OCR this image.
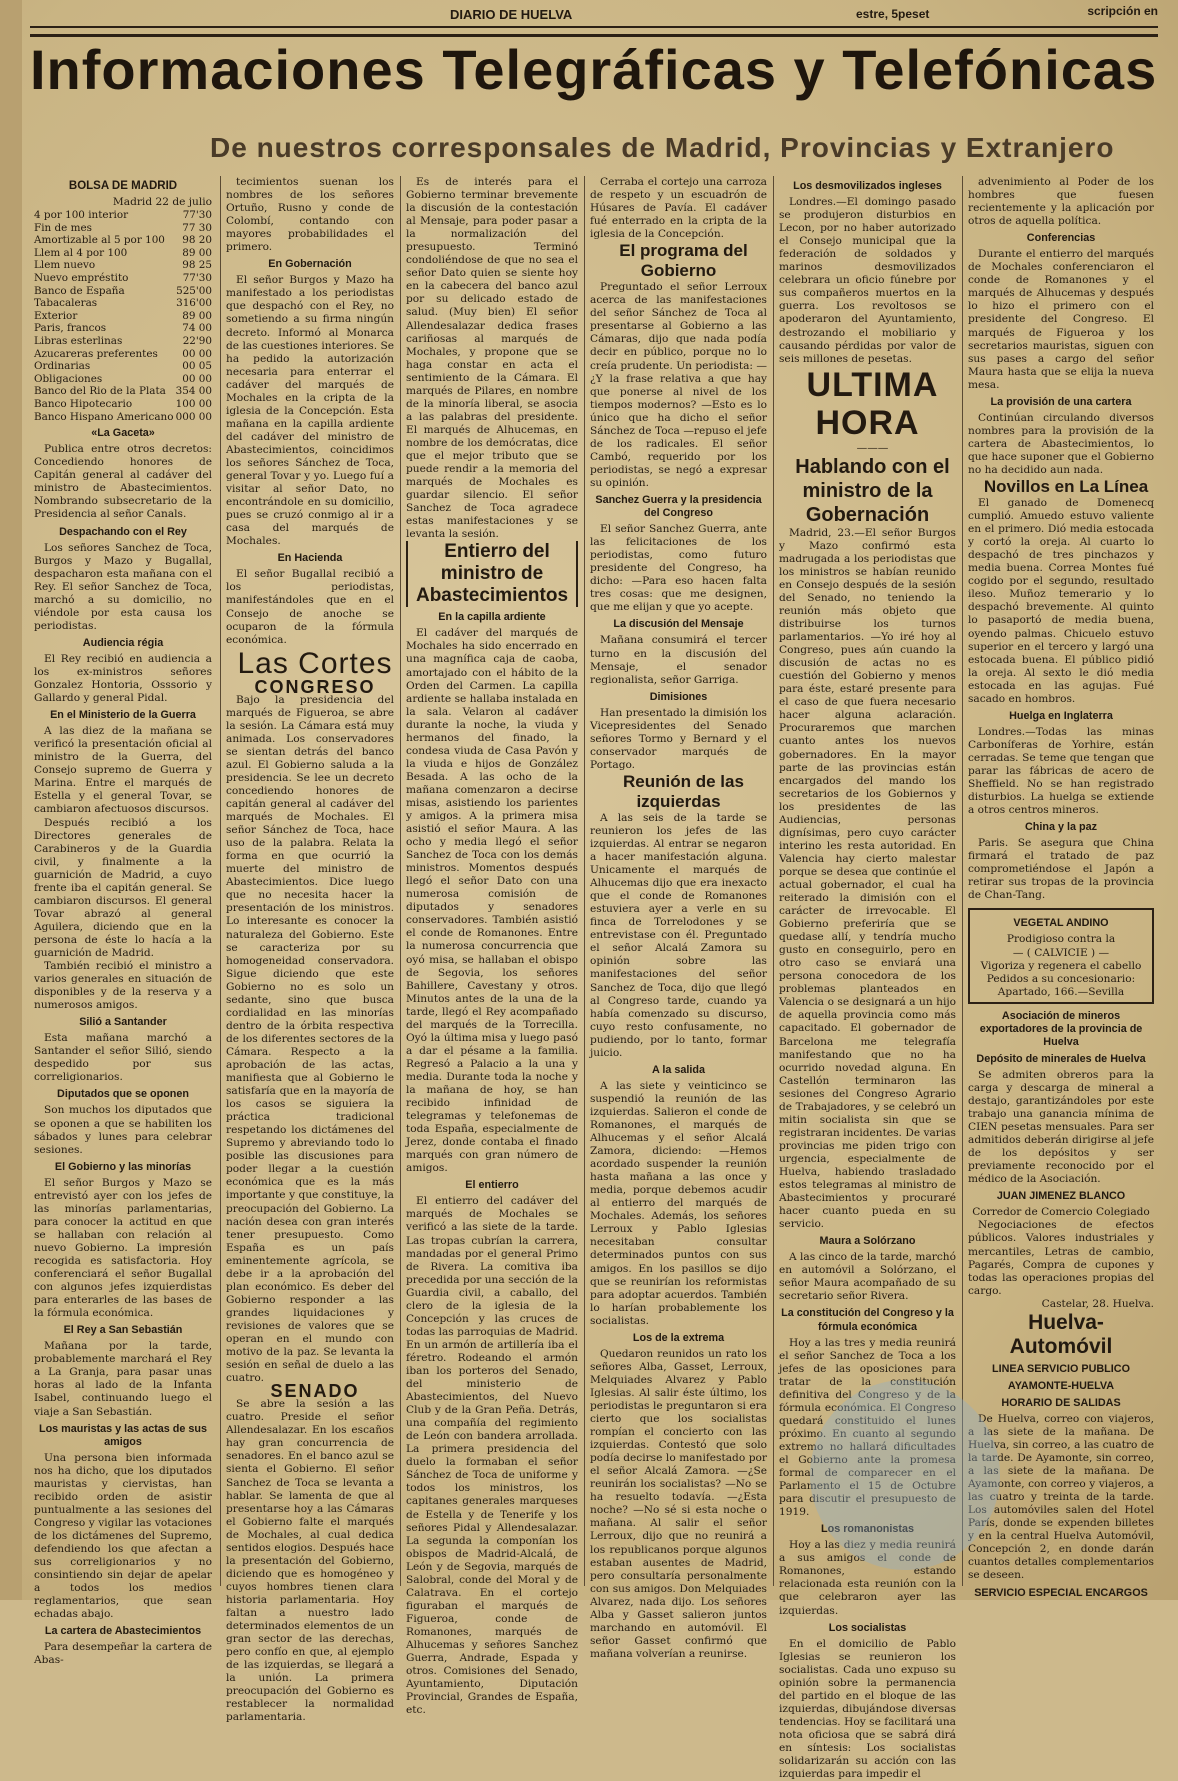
DIARIO DE HUELVA	estre, 5peset	scripción en
Informaciones Telegráficas y Telefónicas
De nuestros corresponsales de Madrid, Provincias y Extranjero

BOLSA DE MADRID

Madrid 22 de julio

4 por 100 interior	77'30
Fin de mes	77 30
Amortizable al 5 por 100	98 20
Llem al 4 por 100	89 00
Llem nuevo	98 25
Nuevo empréstito	77'30
Banco de España	525'00
Tabacaleras	316'00
Exterior	89 00
Paris, francos	74 00
Libras esterlinas	22'90
Azucareras preferentes	00 00
Ordinarias	00 05
Obligaciones	00 00
Banco del Rio de la Plata	354 00
Banco Hipotecario	100 00
Banco Hispano Americano	000 00

«La Gaceta»

Publica entre otros decretos: Concediendo honores de Capitán general al cadáver del ministro de Abastecimientos. Nombrando subsecretario de la Presidencia al señor Canals.

Despachando con el Rey

Los señores Sanchez de Toca, Burgos y Mazo y Bugallal, despacharon esta mañana con el Rey. El señor Sanchez de Toca, marchó a su domicilio, no viéndole por esta causa los periodistas.

Audiencia régia

El Rey recibió en audiencia a los ex-ministros señores Gonzalez Hontoria, Osssorio y Gallardo y general Pidal.

En el Ministerio de la Guerra

A las diez de la mañana se verificó la presentación oficial al ministro de la Guerra, del Consejo supremo de Guerra y Marina. Entre el marqués de Estella y el general Tovar, se cambiaron afectuosos discursos.

Después recibió a los Directores generales de Carabineros y de la Guardia civil, y finalmente a la guarnición de Madrid, a cuyo frente iba el capitán general. Se cambiaron discursos. El general Tovar abrazó al general Aguilera, diciendo que en la persona de éste lo hacía a la guarnición de Madrid.

También recibió el ministro a varios generales en situación de disponibles y de la reserva y a numerosos amigos.

Silió a Santander

Esta mañana marchó a Santander el señor Silió, siendo despedido por sus correligionarios.

Diputados que se oponen

Son muchos los diputados que se oponen a que se habiliten los sábados y lunes para celebrar sesiones.

El Gobierno y las minorías

El señor Burgos y Mazo se entrevistó ayer con los jefes de las minorías parlamentarias, para conocer la actitud en que se hallaban con relación al nuevo Gobierno. La impresión recogida es satisfactoria. Hoy conferenciará el señor Bugallal con algunos jefes izquierdistas para enterarles de las bases de la fórmula económica.

El Rey a San Sebastián

Mañana por la tarde, probablemente marchará el Rey a La Granja, para pasar unas horas al lado de la Infanta Isabel, continuando luego el viaje a San Sebastián.

Los mauristas y las actas de sus amigos

Una persona bien informada nos ha dicho, que los diputados mauristas y ciervistas, han recibido orden de asistir puntualmente a las sesiones del Congreso y vigilar las votaciones de los dictámenes del Supremo, defendiendo los que afectan a sus correligionarios y no consintiendo sin dejar de apelar a todos los medios reglamentarios, que sean echadas abajo.

La cartera de Abastecimientos

Para desempeñar la cartera de Abas-

tecimientos suenan los nombres de los señores Ortuño, Rusno y conde de Colombí, contando con mayores probabilidades el primero.

En Gobernación

El señor Burgos y Mazo ha manifestado a los periodistas que despachó con el Rey, no sometiendo a su firma ningún decreto. Informó al Monarca de las cuestiones interiores. Se ha pedido la autorización necesaria para enterrar el cadáver del marqués de Mochales en la cripta de la iglesia de la Concepción. Esta mañana en la capilla ardiente del cadáver del ministro de Abastecimientos, coincidimos los señores Sánchez de Toca, general Tovar y yo. Luego fuí a visitar al señor Dato, no encontrándole en su domicilio, pues se cruzó conmigo al ir a casa del marqués de Mochales.

En Hacienda

El señor Bugallal recibió a los periodistas, manifestándoles que en el Consejo de anoche se ocuparon de la fórmula económica.

Las Cortes

CONGRESO

Bajo la presidencia del marqués de Figueroa, se abre la sesión. La Cámara está muy animada. Los conservadores se sientan detrás del banco azul. El Gobierno saluda a la presidencia. Se lee un decreto concediendo honores de capitán general al cadáver del marqués de Mochales. El señor Sánchez de Toca, hace uso de la palabra. Relata la forma en que ocurrió la muerte del ministro de Abastecimientos. Dice luego que no necesita hacer la presentación de los ministros. Lo interesante es conocer la naturaleza del Gobierno. Este se caracteriza por su homogeneidad conservadora. Sigue diciendo que este Gobierno no es solo un sedante, sino que busca cordialidad en las minorías dentro de la órbita respectiva de los diferentes sectores de la Cámara. Respecto a la aprobación de las actas, manifiesta que al Gobierno le satisfaría que en la mayoría de los casos se siguiera la práctica tradicional respetando los dictámenes del Supremo y abreviando todo lo posible las discusiones para poder llegar a la cuestión económica que es la más importante y que constituye, la preocupación del Gobierno. La nación desea con gran interés tener presupuesto. Como España es un país eminentemente agrícola, se debe ir a la aprobación del plan económico. Es deber del Gobierno responder a las grandes liquidaciones y revisiones de valores que se operan en el mundo con motivo de la paz. Se levanta la sesión en señal de duelo a las cuatro.

SENADO

Se abre la sesión a las cuatro. Preside el señor Allendesalazar. En los escaños hay gran concurrencia de senadores. En el banco azul se sienta el Gobierno. El señor Sanchez de Toca se levanta a hablar. Se lamenta de que al presentarse hoy a las Cámaras el Gobierno falte el marqués de Mochales, al cual dedica sentidos elogios. Después hace la presentación del Gobierno, diciendo que es homogéneo y cuyos hombres tienen clara historia parlamentaria. Hoy faltan a nuestro lado determinados elementos de un gran sector de las derechas, pero confío en que, al ejemplo de las izquierdas, se llegará a la unión. La primera preocupación del Gobierno es restablecer la normalidad parlamentaria.

Es de interés para el Gobierno terminar brevemente la discusión de la contestación al Mensaje, para poder pasar a la normalización del presupuesto. Terminó condoliéndose de que no sea el señor Dato quien se siente hoy en la cabecera del banco azul por su delicado estado de salud. (Muy bien) El señor Allendesalazar dedica frases cariñosas al marqués de Mochales, y propone que se haga constar en acta el sentimiento de la Cámara. El marqués de Pilares, en nombre de la minoría liberal, se asocia a las palabras del presidente. El marqués de Alhucemas, en nombre de los demócratas, dice que el mejor tributo que se puede rendir a la memoria del marqués de Mochales es guardar silencio. El señor Sanchez de Toca agradece estas manifestaciones y se levanta la sesión.

Entierro del ministro de Abastecimientos

En la capilla ardiente

El cadáver del marqués de Mochales ha sido encerrado en una magnífica caja de caoba, amortajado con el hábito de la Orden del Carmen. La capilla ardiente se hallaba instalada en la sala. Velaron al cadáver durante la noche, la viuda y hermanos del finado, la condesa viuda de Casa Pavón y la viuda e hijos de González Besada. A las ocho de la mañana comenzaron a decirse misas, asistiendo los parientes y amigos. A la primera misa asistió el señor Maura. A las ocho y media llegó el señor Sanchez de Toca con los demás ministros. Momentos después llegó el señor Dato con una numerosa comisión de diputados y senadores conservadores. También asistió el conde de Romanones. Entre la numerosa concurrencia que oyó misa, se hallaban el obispo de Segovia, los señores Bahillere, Cavestany y otros. Minutos antes de la una de la tarde, llegó el Rey acompañado del marqués de la Torrecilla. Oyó la última misa y luego pasó a dar el pésame a la familia. Regresó a Palacio a la una y media. Durante toda la noche y la mañana de hoy, se han recibido infinidad de telegramas y telefonemas de toda España, especialmente de Jerez, donde contaba el finado marqués con gran número de amigos.

El entierro

El entierro del cadáver del marqués de Mochales se verificó a las siete de la tarde. Las tropas cubrían la carrera, mandadas por el general Primo de Rivera. La comitiva iba precedida por una sección de la Guardia civil, a caballo, del clero de la iglesia de la Concepción y las cruces de todas las parroquias de Madrid. En un armón de artillería iba el féretro. Rodeando el armón iban los porteros del Senado, del ministerio de Abastecimientos, del Nuevo Club y de la Gran Peña. Detrás, una compañía del regimiento de León con bandera arrollada. La primera presidencia del duelo la formaban el señor Sánchez de Toca de uniforme y todos los ministros, los capitanes generales marqueses de Estella y de Tenerife y los señores Pidal y Allendesalazar. La segunda la componían los obispos de Madrid-Alcalá, de León y de Segovia, marqués de Salobral, conde del Moral y de Calatrava. En el cortejo figuraban el marqués de Figueroa, conde de Romanones, marqués de Alhucemas y señores Sanchez Guerra, Andrade, Espada y otros. Comisiones del Senado, Ayuntamiento, Diputación Provincial, Grandes de España, etc.

Cerraba el cortejo una carroza de respeto y un escuadrón de Húsares de Pavía. El cadáver fué enterrado en la cripta de la iglesia de la Concepción.

El programa del Gobierno

Preguntado el señor Lerroux acerca de las manifestaciones del señor Sánchez de Toca al presentarse al Gobierno a las Cámaras, dijo que nada podía decir en público, porque no lo creía prudente. Un periodista: —¿Y la frase relativa a que hay que ponerse al nivel de los tiempos modernos? —Esto es lo único que ha dicho el señor Sánchez de Toca —repuso el jefe de los radicales. El señor Cambó, requerido por los periodistas, se negó a expresar su opinión.

Sanchez Guerra y la presidencia del Congreso

El señor Sanchez Guerra, ante las felicitaciones de los periodistas, como futuro presidente del Congreso, ha dicho: —Para eso hacen falta tres cosas: que me designen, que me elijan y que yo acepte.

La discusión del Mensaje

Mañana consumirá el tercer turno en la discusión del Mensaje, el senador regionalista, señor Garriga.

Dimisiones

Han presentado la dimisión los Vicepresidentes del Senado señores Tormo y Bernard y el conservador marqués de Portago.

Reunión de las izquierdas

A las seis de la tarde se reunieron los jefes de las izquierdas. Al entrar se negaron a hacer manifestación alguna. Unicamente el marqués de Alhucemas dijo que era inexacto que el conde de Romanones estuviera ayer a verle en su finca de Torrelodones y se entrevistase con él. Preguntado el señor Alcalá Zamora su opinión sobre las manifestaciones del señor Sanchez de Toca, dijo que llegó al Congreso tarde, cuando ya había comenzado su discurso, cuyo resto confusamente, no pudiendo, por lo tanto, formar juicio.

A la salida

A las siete y veinticinco se suspendió la reunión de las izquierdas. Salieron el conde de Romanones, el marqués de Alhucemas y el señor Alcalá Zamora, diciendo: —Hemos acordado suspender la reunión hasta mañana a las once y media, porque debemos acudir al entierro del marqués de Mochales. Además, los señores Lerroux y Pablo Iglesias necesitaban consultar determinados puntos con sus amigos. En los pasillos se dijo que se reunirían los reformistas para adoptar acuerdos. También lo harían probablemente los socialistas.

Los de la extrema

Quedaron reunidos un rato los señores Alba, Gasset, Lerroux, Melquiades Alvarez y Pablo Iglesias. Al salir éste último, los periodistas le preguntaron si era cierto que los socialistas rompían el concierto con las izquierdas. Contestó que solo podía decirse lo manifestado por el señor Alcalá Zamora. —¿Se reunirán los socialistas? —No se ha resuelto todavía. —¿Esta noche? —No sé si esta noche o mañana. Al salir el señor Lerroux, dijo que no reunirá a los republicanos porque algunos estaban ausentes de Madrid, pero consultaría personalmente con sus amigos. Don Melquiades Alvarez, nada dijo. Los señores Alba y Gasset salieron juntos marchando en automóvil. El señor Gasset confirmó que mañana volverían a reunirse.

Los desmovilizados ingleses

Londres.—El domingo pasado se produjeron disturbios en Lecon, por no haber autorizado el Consejo municipal que la federación de soldados y marinos desmovilizados celebrara un oficio fúnebre por sus compañeros muertos en la guerra. Los revoltosos se apoderaron del Ayuntamiento, destrozando el mobiliario y causando pérdidas por valor de seis millones de pesetas.

ULTIMA HORA

———

Hablando con el ministro de la Gobernación

Madrid, 23.—El señor Burgos y Mazo confirmó esta madrugada a los periodistas que los ministros se habían reunido en Consejo después de la sesión del Senado, no teniendo la reunión más objeto que distribuirse los turnos parlamentarios. —Yo iré hoy al Congreso, pues aún cuando la discusión de actas no es cuestión del Gobierno y menos para éste, estaré presente para el caso de que fuera necesario hacer alguna aclaración. Procuraremos que marchen cuanto antes los nuevos gobernadores. En la mayor parte de las provincias están encargados del mando los secretarios de los Gobiernos y los presidentes de las Audiencias, personas dignísimas, pero cuyo carácter interino les resta autoridad. En Valencia hay cierto malestar porque se desea que continúe el actual gobernador, el cual ha reiterado la dimisión con el carácter de irrevocable. El Gobierno preferiría que se quedase allí, y tendría mucho gusto en conseguirlo, pero en otro caso se enviará una persona conocedora de los problemas planteados en Valencia o se designará a un hijo de aquella provincia como más capacitado. El gobernador de Barcelona me telegrafía manifestando que no ha ocurrido novedad alguna. En Castellón terminaron las sesiones del Congreso Agrario de Trabajadores, y se celebró un mitin socialista sin que se registraran incidentes. De varias provincias me piden trigo con urgencia, especialmente de Huelva, habiendo trasladado estos telegramas al ministro de Abastecimientos y procuraré hacer cuanto pueda en su servicio.

Maura a Solórzano

A las cinco de la tarde, marchó en automóvil a Solórzano, el señor Maura acompañado de su secretario señor Rivera.

La constitución del Congreso y la fórmula económica

Hoy a las tres y media reunirá el señor Sanchez de Toca a los jefes de las oposiciones para tratar de la constitución definitiva del Congreso y de la fórmula económica. El Congreso quedará constituido el lunes próximo. En cuanto al segundo extremo no hallará dificultades el Gobierno ante la promesa formal de comparecer en el Parlamento el 15 de Octubre para discutir el presupuesto de 1919.

Los romanonistas

Hoy a las diez y media reunirá a sus amigos el conde de Romanones, estando relacionada esta reunión con la que celebraron ayer las izquierdas.

Los socialistas

En el domicilio de Pablo Iglesias se reunieron los socialistas. Cada uno expuso su opinión sobre la permanencia del partido en el bloque de las izquierdas, dibujándose diversas tendencias. Hoy se facilitará una nota oficiosa que se sabrá dirá en síntesis: Los socialistas solidarizarán su acción con las izquierdas para impedir el

advenimiento al Poder de los hombres que fuesen recientemente y la aplicación por otros de aquella política.

Conferencias

Durante el entierro del marqués de Mochales conferenciaron el conde de Romanones y el marqués de Alhucemas y después lo hizo el primero con el presidente del Congreso. El marqués de Figueroa y los secretarios mauristas, siguen con sus pases a cargo del señor Maura hasta que se elija la nueva mesa.

La provisión de una cartera

Continúan circulando diversos nombres para la provisión de la cartera de Abastecimientos, lo que hace suponer que el Gobierno no ha decidido aun nada.

Novillos en La Línea

El ganado de Domenecq cumplió. Amuedo estuvo valiente en el primero. Dió media estocada y cortó la oreja. Al cuarto lo despachó de tres pinchazos y media buena. Correa Montes fué cogido por el segundo, resultado ileso. Muñoz temerario y lo despachó brevemente. Al quinto lo pasaportó de media buena, oyendo palmas. Chicuelo estuvo superior en el tercero y largó una estocada buena. El público pidió la oreja. Al sexto le dió media estocada en las agujas. Fué sacado en hombros.

Huelga en Inglaterra

Londres.—Todas las minas Carboníferas de Yorhire, están cerradas. Se teme que tengan que parar las fábricas de acero de Sheffield. No se han registrado disturbios. La huelga se extiende a otros centros mineros.

China y la paz

Paris. Se asegura que China firmará el tratado de paz comprometiéndose el Japón a retirar sus tropas de la provincia de Chan-Tang.

VEGETAL ANDINO

Prodigioso contra la

— ( CALVICIE ) —

Vigoriza y regenera el cabello

Pedidos a su concesionario:

Apartado, 166.—Sevilla

Asociación de mineros exportadores de la provincia de Huelva

Depósito de minerales de Huelva

Se admiten obreros para la carga y descarga de mineral a destajo, garantizándoles por este trabajo una ganancia mínima de CIEN pesetas mensuales. Para ser admitidos deberán dirigirse al jefe de los depósitos y ser previamente reconocido por el médico de la Asociación.

JUAN JIMENEZ BLANCO

Corredor de Comercio Colegiado

Negociaciones de efectos públicos. Valores industriales y mercantiles, Letras de cambio, Pagarés, Compra de cupones y todas las operaciones propias del cargo.

Castelar, 28. Huelva.

Huelva-Automóvil

LINEA SERVICIO PUBLICO

AYAMONTE-HUELVA

HORARIO DE SALIDAS

De Huelva, correo con viajeros, a las siete de la mañana. De Huelva, sin correo, a las cuatro de la tarde. De Ayamonte, sin correo, a las siete de la mañana. De Ayamonte, con correo y viajeros, a las cuatro y treinta de la tarde. Los automóviles salen del Hotel París, donde se expenden billetes y en la central Huelva Automóvil, Concepción 2, en donde darán cuantos detalles complementarios se deseen.

SERVICIO ESPECIAL ENCARGOS
